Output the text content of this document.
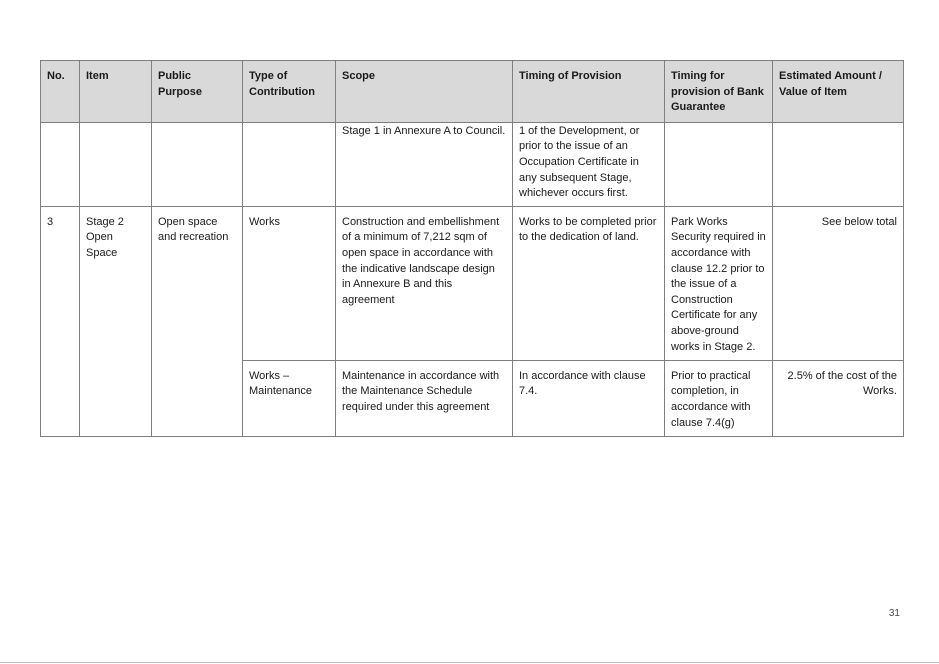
No.	Item	Public Purpose	Type of Contribution	Scope	Timing of Provision	Timing for provision of Bank Guarantee	Estimated Amount / Value of Item
				Stage 1 in Annexure A to Council.	1 of the Development, or prior to the issue of an Occupation Certificate in any subsequent Stage, whichever occurs first.		
3	Stage 2 Open Space	Open space and recreation	Works	Construction and embellishment of a minimum of 7,212 sqm of open space in accordance with the indicative landscape design in Annexure B and this agreement	Works to be completed prior to the dedication of land.	Park Works Security required in accordance with clause 12.2 prior to the issue of a Construction Certificate for any above-ground works in Stage 2.	See below total
			Works – Maintenance	Maintenance in accordance with the Maintenance Schedule required under this agreement	In accordance with clause 7.4.	Prior to practical completion, in accordance with clause 7.4(g)	2.5% of the cost of the Works.
31
